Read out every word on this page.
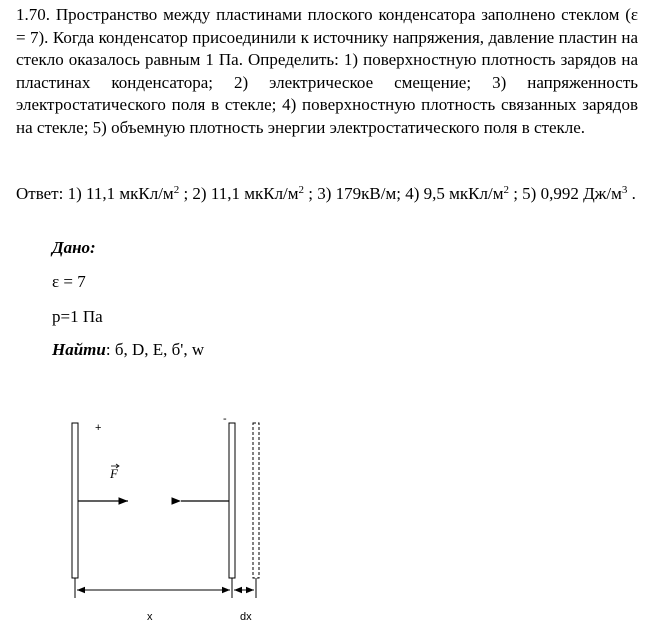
1.70. Пространство между пластинами плоского конденсатора заполнено стеклом (ε = 7). Когда конденсатор присоединили к источнику напряжения, давление пластин на стекло оказалось равным 1 Па. Определить: 1) поверхностную плотность зарядов на пластинах конденсатора; 2) электрическое смещение; 3) напряженность электростатического поля в стекле; 4) поверхностную плотность связанных зарядов на стекле; 5) объемную плотность энергии электростатического поля в стекле.

Ответ: 1) 11,1 мкКл/$м^2$ ; 2) 11,1 мкКл/$м^2$ ; 3) 179кВ/м; 4) 9,5 мкКл/$м^2$ ; 5) 0,992 $Дж/м^3$ .

Дано:

ε = 7

p=1 Па

Найти: б, D, E, б', w

+
-
F
x	dx
